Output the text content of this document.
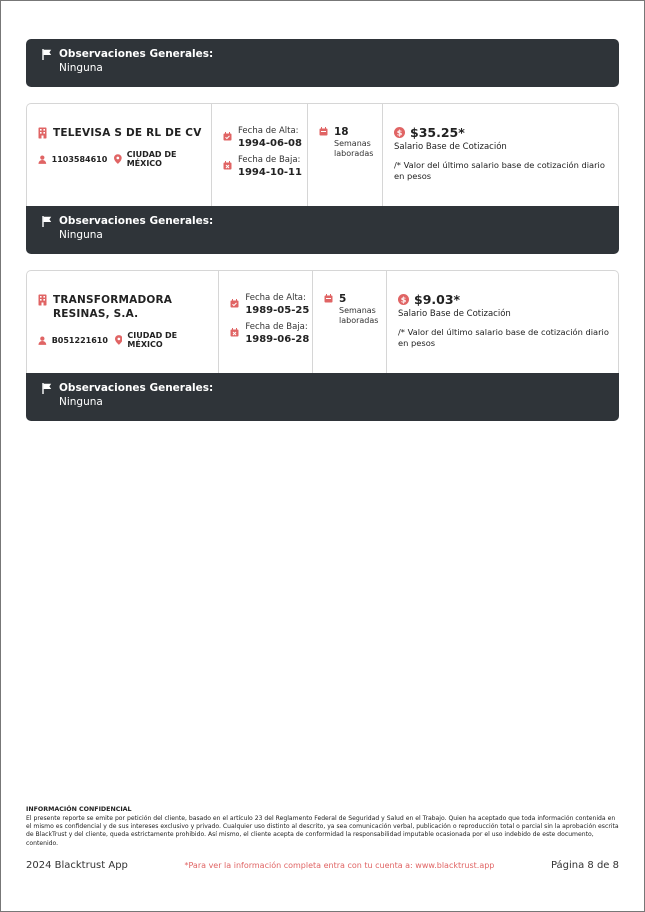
Observaciones Generales:
Ninguna
TELEVISA S DE RL DE CV
1103584610 CIUDAD DE MÉXICO
Fecha de Alta:
1994-06-08
Fecha de Baja:
1994-10-11
18
Semanas laboradas
$ $35.25*
Salario Base de Cotización
/* Valor del último salario base de cotización diario en pesos
Observaciones Generales:
Ninguna
TRANSFORMADORA RESINAS, S.A.
B051221610 CIUDAD DE MÉXICO
Fecha de Alta:
1989-05-25
Fecha de Baja:
1989-06-28
5
Semanas laboradas
$ $9.03*
Salario Base de Cotización
/* Valor del último salario base de cotización diario en pesos
Observaciones Generales:
Ninguna
INFORMACIÓN CONFIDENCIAL
El presente reporte se emite por petición del cliente, basado en el artículo 23 del Reglamento Federal de Seguridad y Salud en el Trabajo. Quien ha aceptado que toda información contenida en el mismo es confidencial y de sus intereses exclusivo y privado. Cualquier uso distinto al descrito, ya sea comunicación verbal, publicación o reproducción total o parcial sin la aprobación escrita de BlackTrust y del cliente, queda estrictamente prohibido. Así mismo, el cliente acepta de conformidad la responsabilidad imputable ocasionada por el uso indebido de este documento, contenido.
2024 Blacktrust App	*Para ver la información completa entra con tu cuenta a: www.blacktrust.app	Página 8 de 8
